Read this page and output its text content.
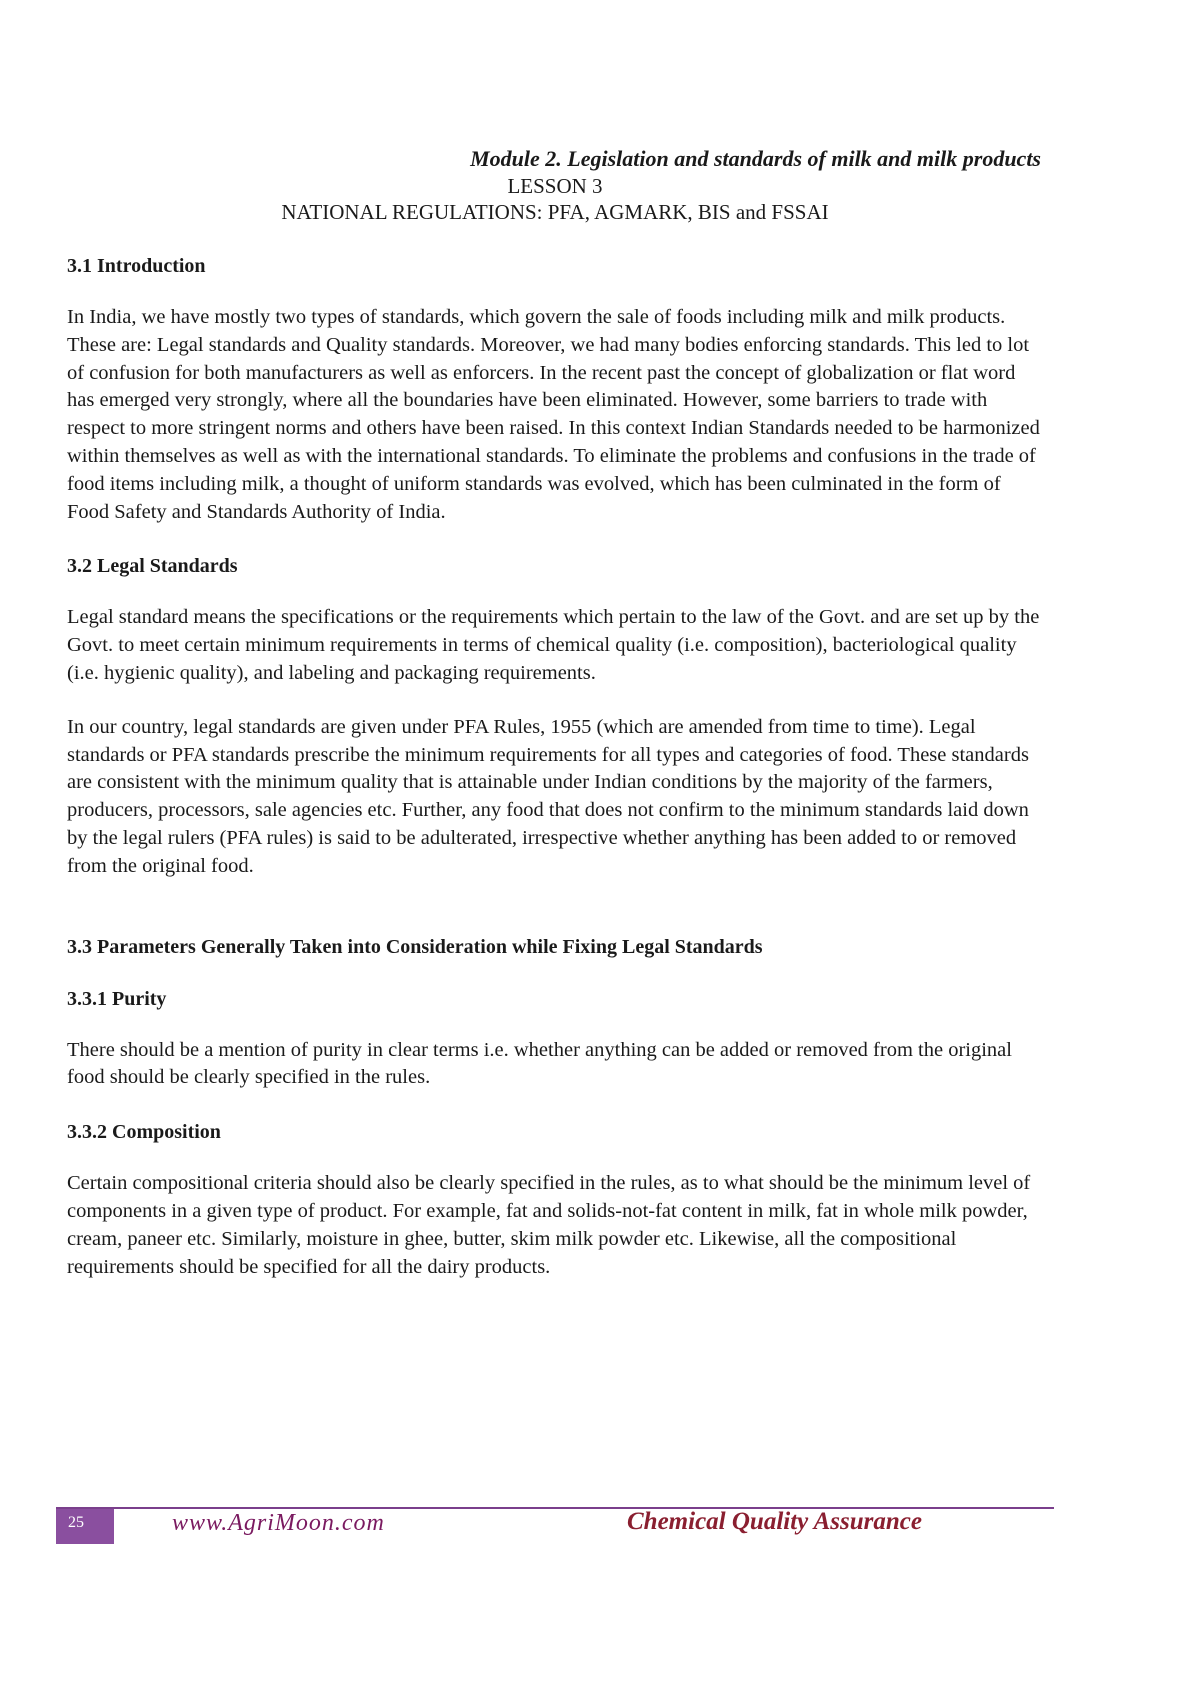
Module 2. Legislation and standards of milk and milk products
LESSON 3
NATIONAL REGULATIONS: PFA, AGMARK, BIS and FSSAI
3.1 Introduction

In India, we have mostly two types of standards, which govern the sale of foods including milk and milk products. These are: Legal standards and Quality standards. Moreover, we had many bodies enforcing standards. This led to lot of confusion for both manufacturers as well as enforcers. In the recent past the concept of globalization or flat word has emerged very strongly, where all the boundaries have been eliminated. However, some barriers to trade with respect to more stringent norms and others have been raised. In this context Indian Standards needed to be harmonized within themselves as well as with the international standards. To eliminate the problems and confusions in the trade of food items including milk, a thought of uniform standards was evolved, which has been culminated in the form of Food Safety and Standards Authority of India.

3.2 Legal Standards

Legal standard means the specifications or the requirements which pertain to the law of the Govt. and are set up by the Govt. to meet certain minimum requirements in terms of chemical quality (i.e. composition), bacteriological quality (i.e. hygienic quality), and labeling and packaging requirements.

In our country, legal standards are given under PFA Rules, 1955 (which are amended from time to time). Legal standards or PFA standards prescribe the minimum requirements for all types and categories of food. These standards are consistent with the minimum quality that is attainable under Indian conditions by the majority of the farmers, producers, processors, sale agencies etc. Further, any food that does not confirm to the minimum standards laid down by the legal rulers (PFA rules) is said to be adulterated, irrespective whether anything has been added to or removed from the original food.

3.3 Parameters Generally Taken into Consideration while Fixing Legal Standards
3.3.1 Purity

There should be a mention of purity in clear terms i.e. whether anything can be added or removed from the original food should be clearly specified in the rules.

3.3.2 Composition

Certain compositional criteria should also be clearly specified in the rules, as to what should be the minimum level of components in a given type of product. For example, fat and solids-not-fat content in milk, fat in whole milk powder, cream, paneer etc. Similarly, moisture in ghee, butter, skim milk powder etc. Likewise, all the compositional requirements should be specified for all the dairy products.

25	www.AgriMoon.com	Chemical Quality Assurance
